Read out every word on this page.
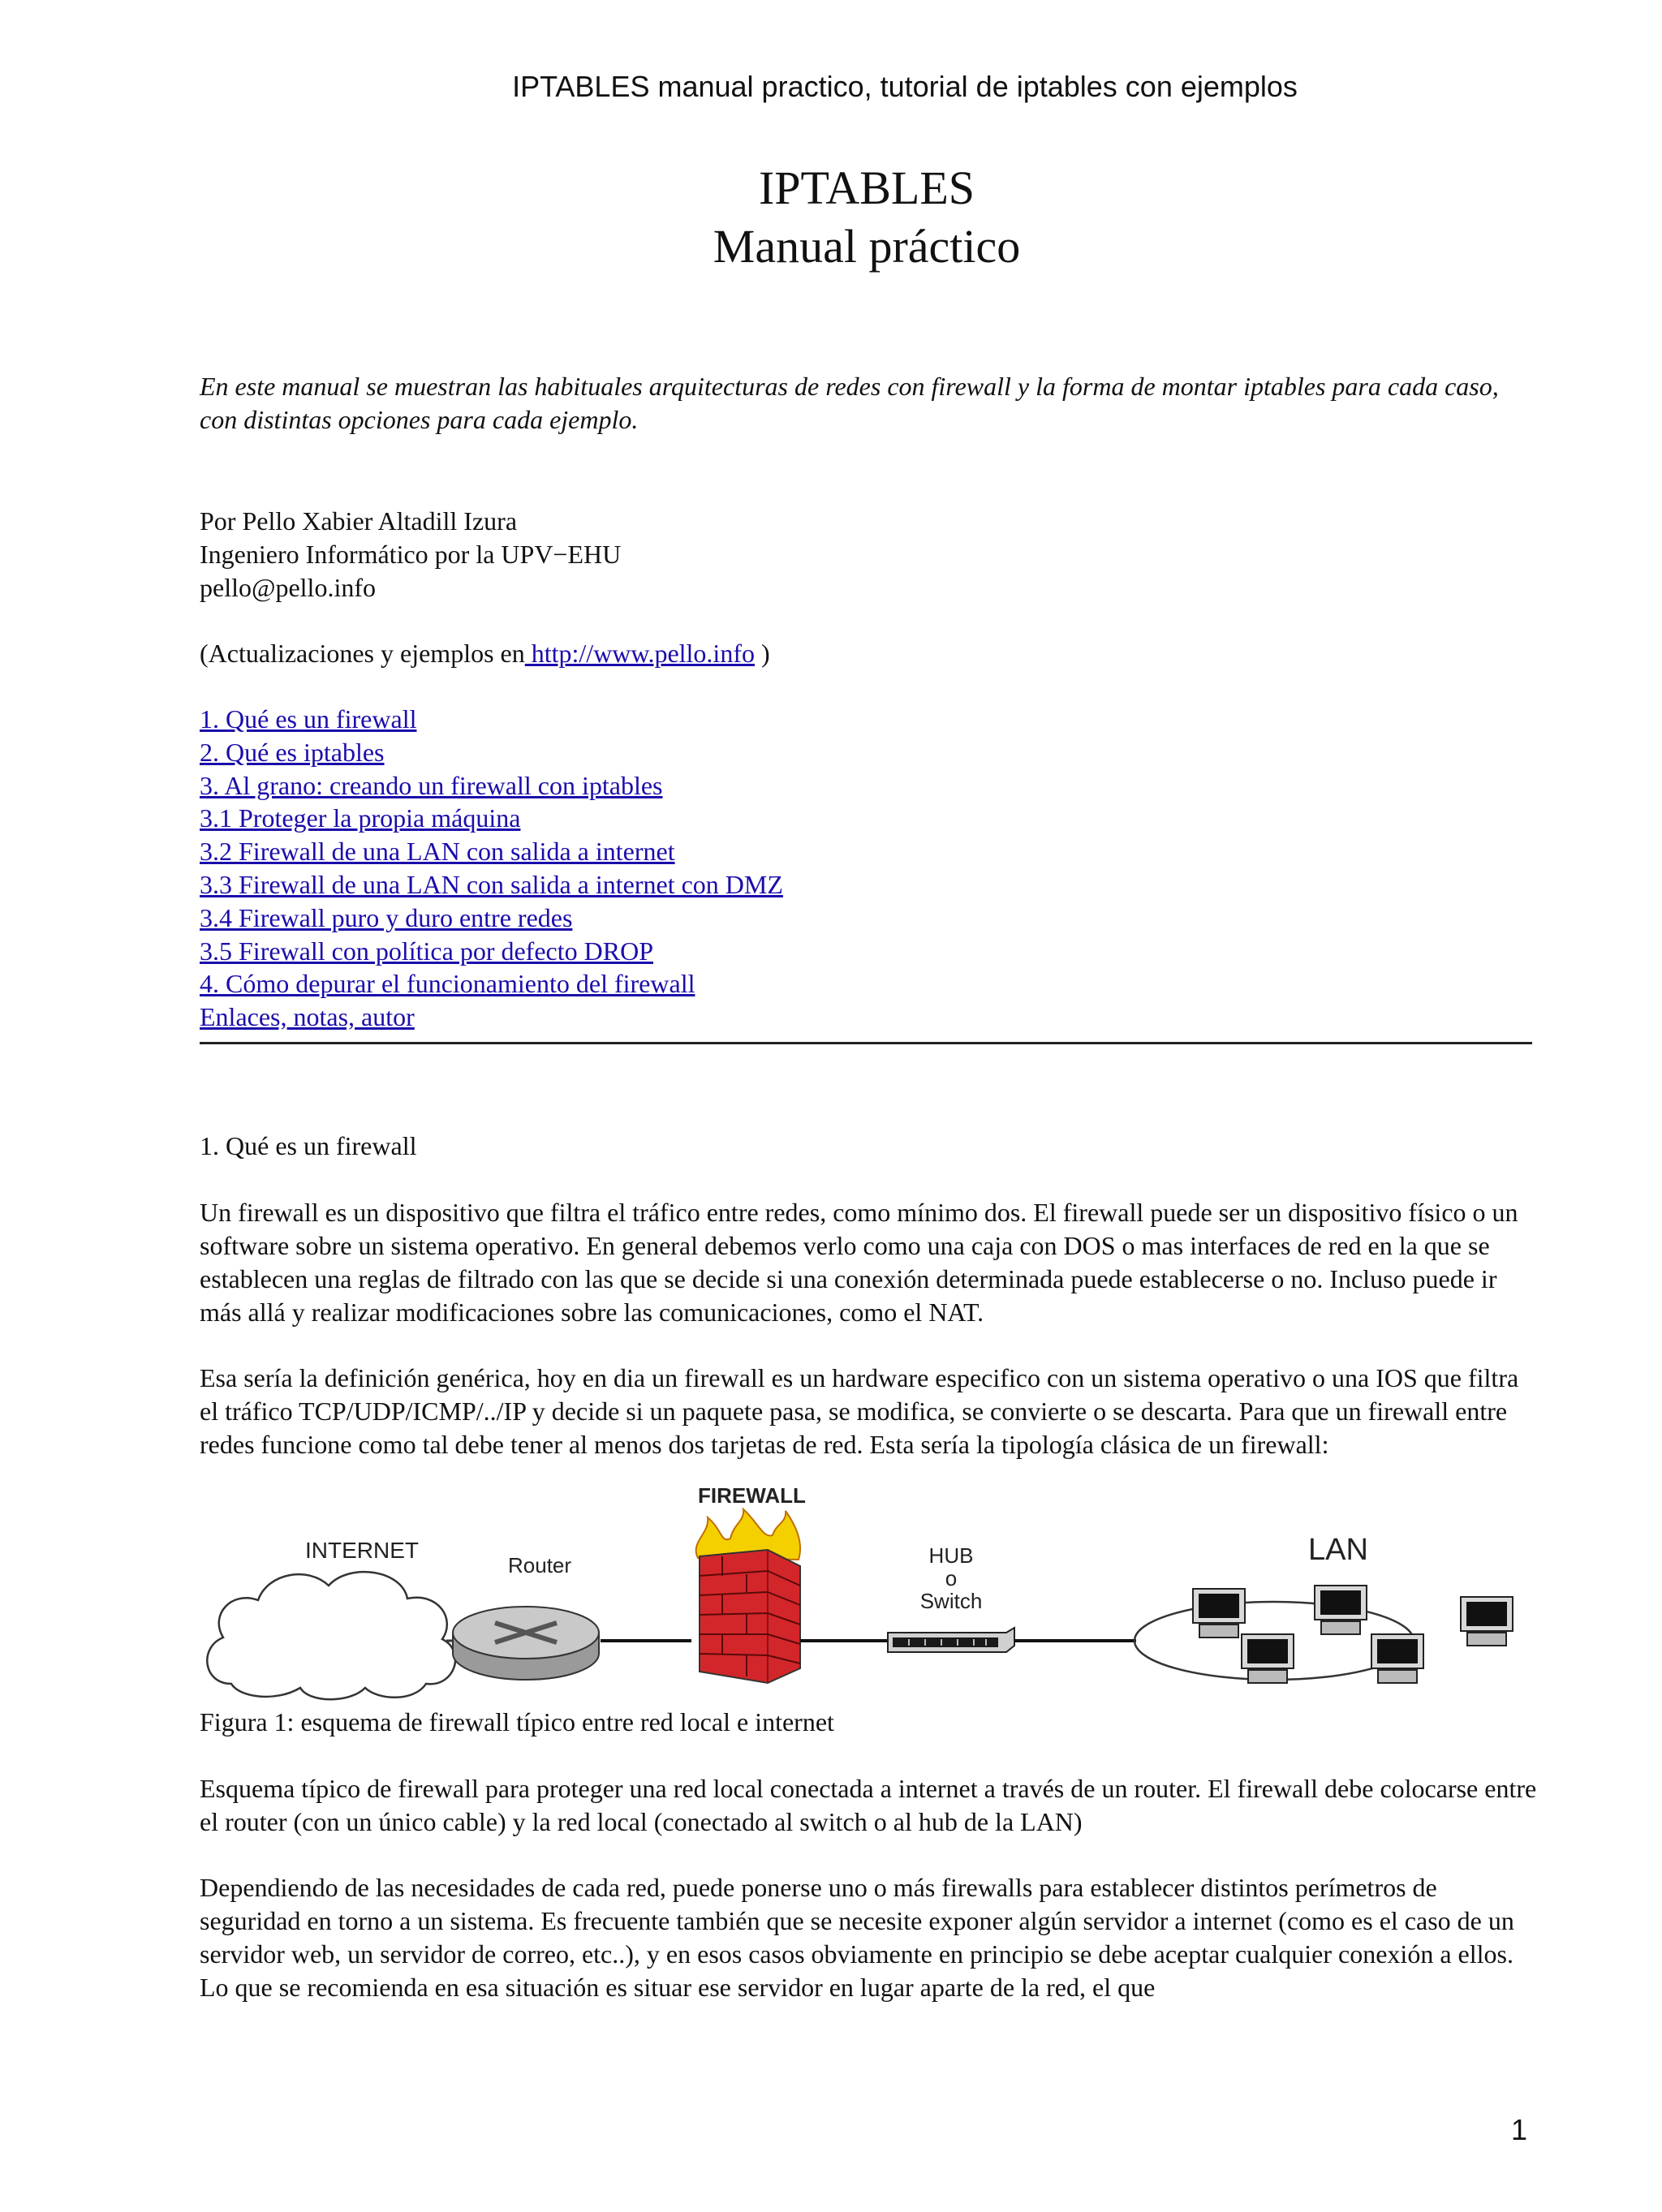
IPTABLES manual practico, tutorial de iptables con ejemplos
IPTABLES
Manual práctico
En este manual se muestran las habituales arquitecturas de redes con firewall y la forma de montar iptables para cada caso, con distintas opciones para cada ejemplo.
Por Pello Xabier Altadill Izura
Ingeniero Informático por la UPV−EHU
pello@pello.info
(Actualizaciones y ejemplos en http://www.pello.info )
1. Qué es un firewall
2. Qué es iptables
3. Al grano: creando un firewall con iptables
3.1 Proteger la propia máquina
3.2 Firewall de una LAN con salida a internet
3.3 Firewall de una LAN con salida a internet con DMZ
3.4 Firewall puro y duro entre redes
3.5 Firewall con política por defecto DROP
4. Cómo depurar el funcionamiento del firewall
Enlaces, notas, autor
1. Qué es un firewall
Un firewall es un dispositivo que filtra el tráfico entre redes, como mínimo dos. El firewall puede ser un dispositivo físico o un software sobre un sistema operativo. En general debemos verlo como una caja con DOS o mas interfaces de red en la que se establecen una reglas de filtrado con las que se decide si una conexión determinada puede establecerse o no. Incluso puede ir más allá y realizar modificaciones sobre las comunicaciones, como el NAT.
Esa sería la definición genérica, hoy en dia un firewall es un hardware especifico con un sistema operativo o una IOS que filtra el tráfico TCP/UDP/ICMP/../IP y decide si un paquete pasa, se modifica, se convierte o se descarta. Para que un firewall entre redes funcione como tal debe tener al menos dos tarjetas de red. Esta sería la tipología clásica de un firewall:
INTERNET
Router
FIREWALL
HUB
o
Switch
LAN
Figura 1: esquema de firewall típico entre red local e internet
Esquema típico de firewall para proteger una red local conectada a internet a través de un router. El firewall debe colocarse entre el router (con un único cable) y la red local (conectado al switch o al hub de la LAN)
Dependiendo de las necesidades de cada red, puede ponerse uno o más firewalls para establecer distintos perímetros de seguridad en torno a un sistema. Es frecuente también que se necesite exponer algún servidor a internet (como es el caso de un servidor web, un servidor de correo, etc..), y en esos casos obviamente en principio se debe aceptar cualquier conexión a ellos. Lo que se recomienda en esa situación es situar ese servidor en lugar aparte de la red, el que
1
